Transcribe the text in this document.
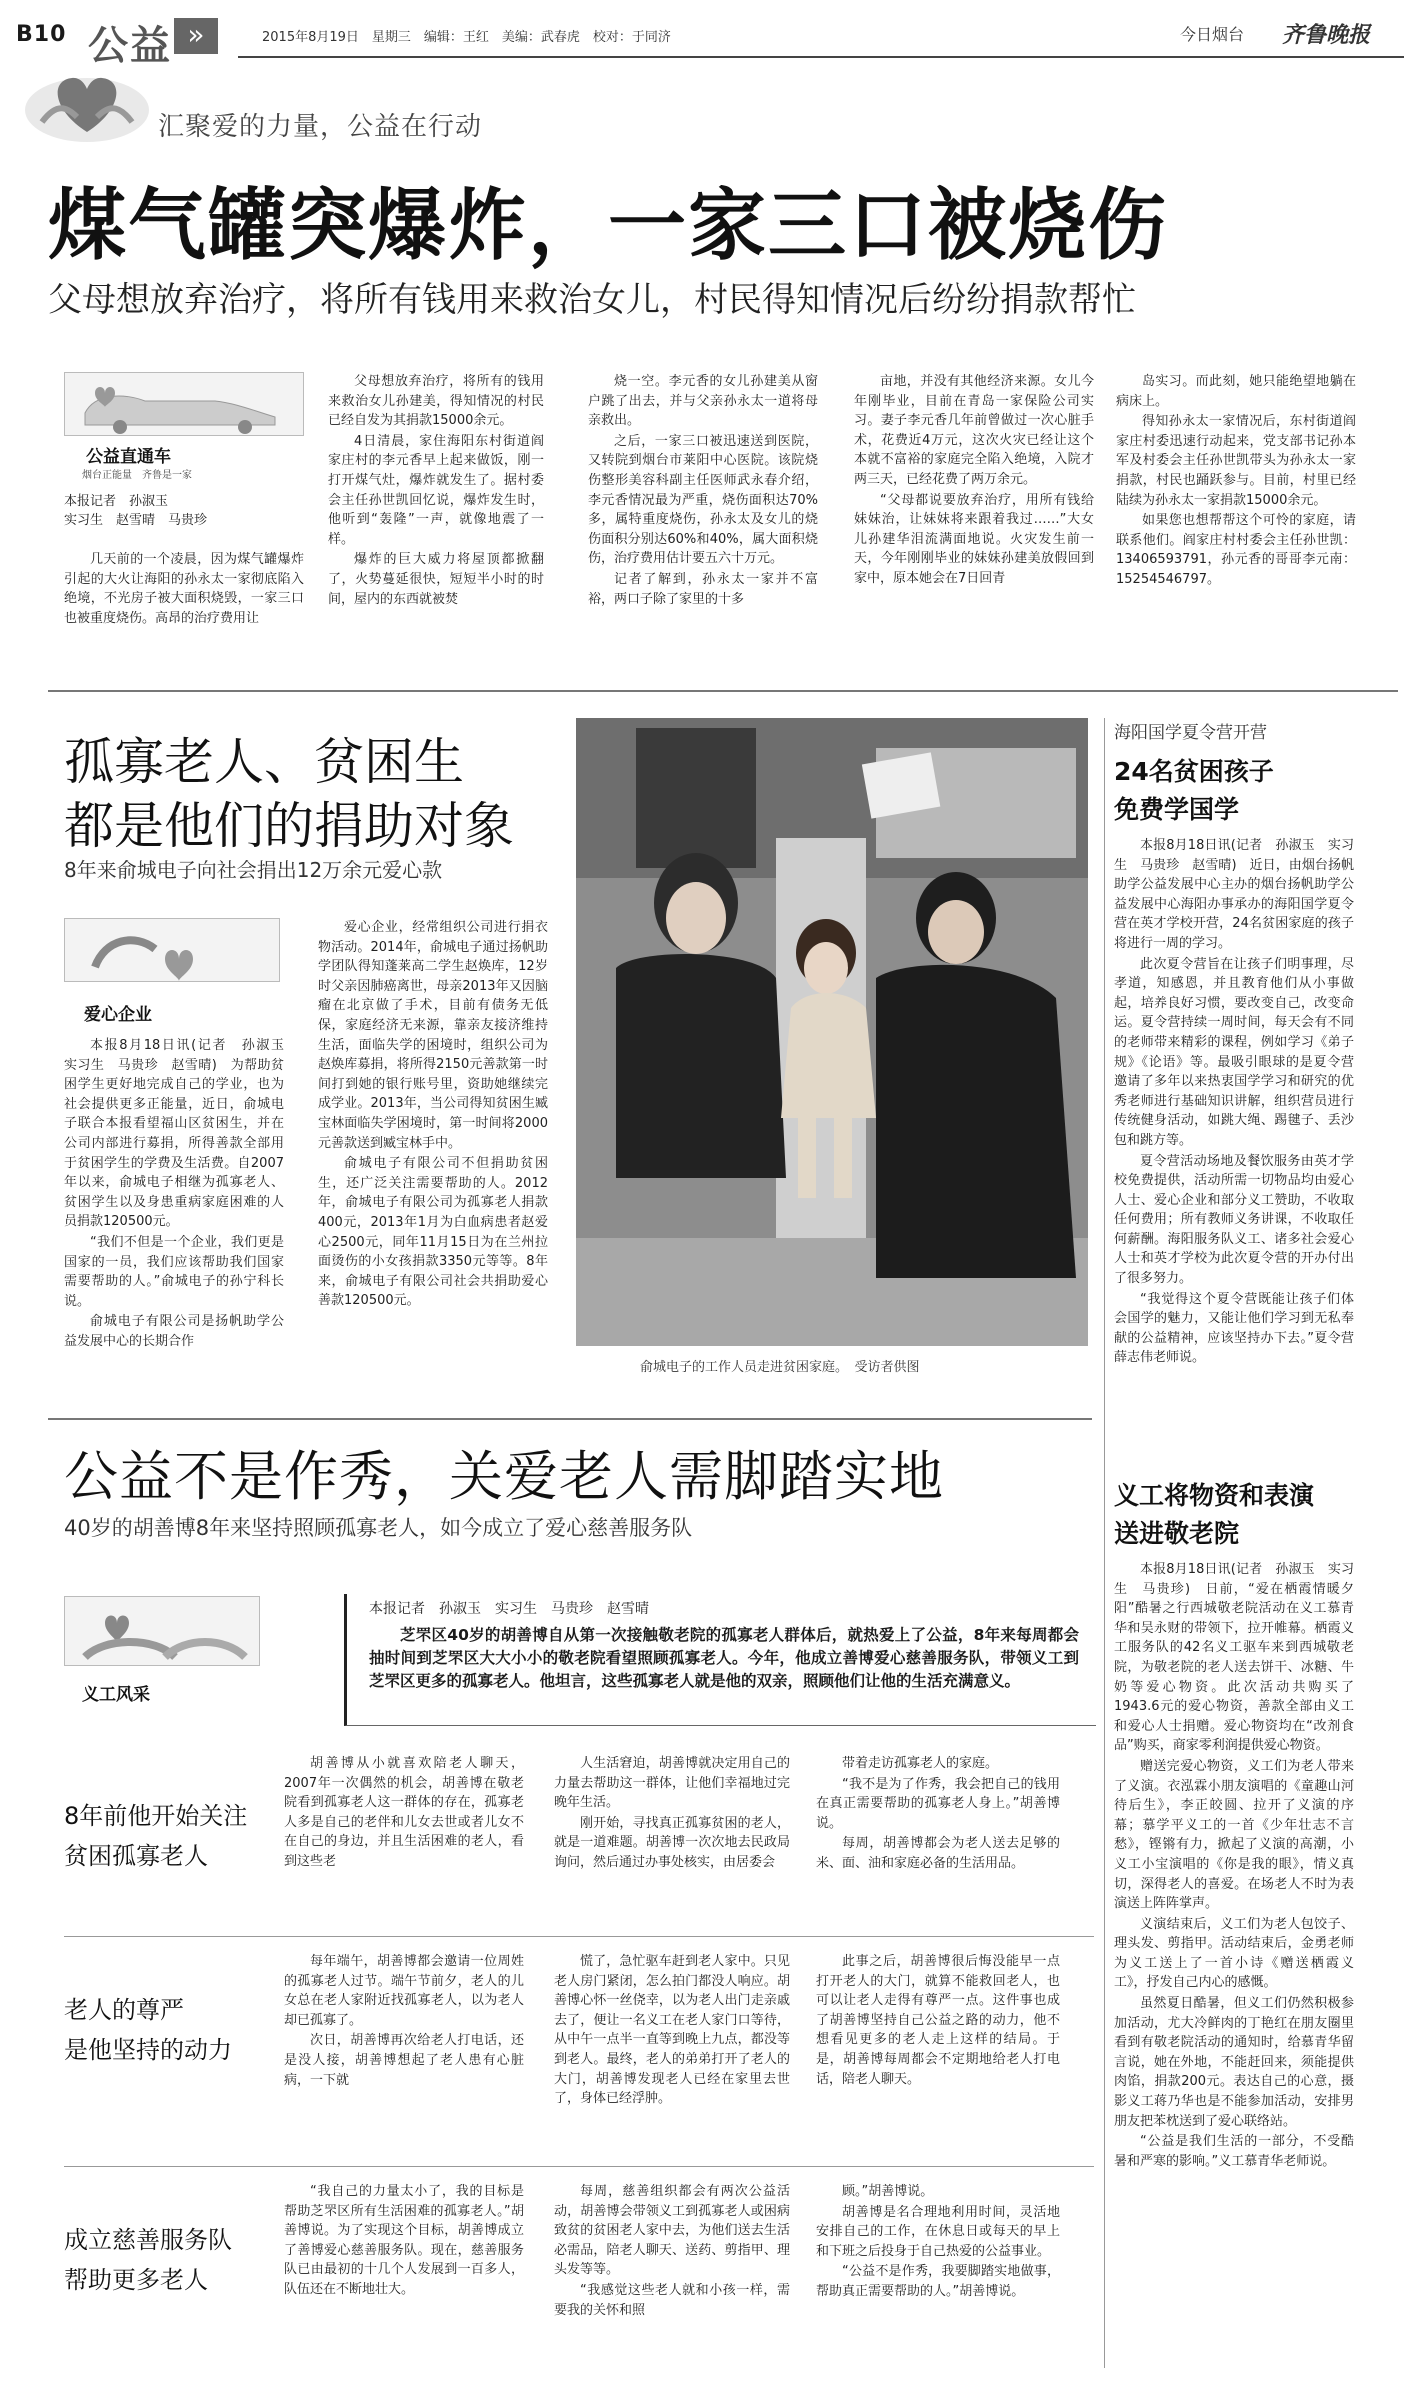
B10 公益 »	2015年8月19日　星期三　编辑：王红　美编：武春虎　校对：于同济	今日烟台 齐鲁晚报
汇聚爱的力量，公益在行动
煤气罐突爆炸，一家三口被烧伤
父母想放弃治疗，将所有钱用来救治女儿，村民得知情况后纷纷捐款帮忙
公益直通车
烟台正能量　齐鲁是一家
本报记者　孙淑玉
实习生　赵雪晴　马贵珍

几天前的一个凌晨，因为煤气罐爆炸引起的大火让海阳的孙永太一家彻底陷入绝境，不光房子被大面积烧毁，一家三口也被重度烧伤。高昂的治疗费用让

父母想放弃治疗，将所有的钱用来救治女儿孙建美，得知情况的村民已经自发为其捐款15000余元。

4日清晨，家住海阳东村街道阎家庄村的李元香早上起来做饭，刚一打开煤气灶，爆炸就发生了。据村委会主任孙世凯回忆说，爆炸发生时，他听到“轰隆”一声，就像地震了一样。

爆炸的巨大威力将屋顶都掀翻了，火势蔓延很快，短短半小时的时间，屋内的东西就被焚

烧一空。李元香的女儿孙建美从窗户跳了出去，并与父亲孙永太一道将母亲救出。

之后，一家三口被迅速送到医院，又转院到烟台市莱阳中心医院。该院烧伤整形美容科副主任医师武永春介绍，李元香情况最为严重，烧伤面积达70%多，属特重度烧伤，孙永太及女儿的烧伤面积分别达60%和40%，属大面积烧伤，治疗费用估计要五六十万元。

记者了解到，孙永太一家并不富裕，两口子除了家里的十多

亩地，并没有其他经济来源。女儿今年刚毕业，目前在青岛一家保险公司实习。妻子李元香几年前曾做过一次心脏手术，花费近4万元，这次火灾已经让这个本就不富裕的家庭完全陷入绝境，入院才两三天，已经花费了两万余元。

“父母都说要放弃治疗，用所有钱给妹妹治，让妹妹将来跟着我过……”大女儿孙建华泪流满面地说。火灾发生前一天，今年刚刚毕业的妹妹孙建美放假回到家中，原本她会在7日回青

岛实习。而此刻，她只能绝望地躺在病床上。

得知孙永太一家情况后，东村街道阎家庄村委迅速行动起来，党支部书记孙本军及村委会主任孙世凯带头为孙永太一家捐款，村民也踊跃参与。目前，村里已经陆续为孙永太一家捐款15000余元。

如果您也想帮帮这个可怜的家庭，请联系他们。阎家庄村村委会主任孙世凯：13406593791，孙元香的哥哥李元南：15254546797。

孤寡老人、贫困生
都是他们的捐助对象
8年来俞城电子向社会捐出12万余元爱心款
爱心企业

本报8月18日讯(记者　孙淑玉　实习生　马贵珍　赵雪晴)　为帮助贫困学生更好地完成自己的学业，也为社会提供更多正能量，近日，俞城电子联合本报看望福山区贫困生，并在公司内部进行募捐，所得善款全部用于贫困学生的学费及生活费。自2007年以来，俞城电子相继为孤寡老人、贫困学生以及身患重病家庭困难的人员捐款120500元。

“我们不但是一个企业，我们更是国家的一员，我们应该帮助我们国家需要帮助的人。”俞城电子的孙宁科长说。

俞城电子有限公司是扬帆助学公益发展中心的长期合作

爱心企业，经常组织公司进行捐衣物活动。2014年，俞城电子通过扬帆助学团队得知蓬莱高二学生赵焕库，12岁时父亲因肺癌离世，母亲2013年又因脑瘤在北京做了手术，目前有债务无低保，家庭经济无来源，靠亲友接济维持生活，面临失学的困境时，组织公司为赵焕库募捐，将所得2150元善款第一时间打到她的银行账号里，资助她继续完成学业。2013年，当公司得知贫困生臧宝林面临失学困境时，第一时间将2000元善款送到臧宝林手中。

俞城电子有限公司不但捐助贫困生，还广泛关注需要帮助的人。2012年，俞城电子有限公司为孤寡老人捐款400元，2013年1月为白血病患者赵爱心2500元，同年11月15日为在兰州拉面烫伤的小女孩捐款3350元等等。8年来，俞城电子有限公司社会共捐助爱心善款120500元。

俞城电子的工作人员走进贫困家庭。　受访者供图
海阳国学夏令营开营
24名贫困孩子
免费学国学

本报8月18日讯(记者　孙淑玉　实习生　马贵珍　赵雪晴)　近日，由烟台扬帆助学公益发展中心主办的烟台扬帆助学公益发展中心海阳办事承办的海阳国学夏令营在英才学校开营，24名贫困家庭的孩子将进行一周的学习。

此次夏令营旨在让孩子们明事理，尽孝道，知感恩，并且教育他们从小事做起，培养良好习惯，要改变自己，改变命运。夏令营持续一周时间，每天会有不同的老师带来精彩的课程，例如学习《弟子规》《论语》等。最吸引眼球的是夏令营邀请了多年以来热衷国学学习和研究的优秀老师进行基础知识讲解，组织营员进行传统健身活动，如跳大绳、踢毽子、丢沙包和跳方等。

夏令营活动场地及餐饮服务由英才学校免费提供，活动所需一切物品均由爱心人士、爱心企业和部分义工赞助，不收取任何费用；所有教师义务讲课，不收取任何薪酬。海阳服务队义工、诸多社会爱心人士和英才学校为此次夏令营的开办付出了很多努力。

“我觉得这个夏令营既能让孩子们体会国学的魅力，又能让他们学习到无私奉献的公益精神，应该坚持办下去。”夏令营薛志伟老师说。

义工将物资和表演
送进敬老院

本报8月18日讯(记者　孙淑玉　实习生　马贵珍)　日前，“爱在栖霞情暖夕阳”酷暑之行西城敬老院活动在义工慕青华和吴永财的带领下，拉开帷幕。栖霞义工服务队的42名义工驱车来到西城敬老院，为敬老院的老人送去饼干、冰糖、牛奶等爱心物资。此次活动共购买了1943.6元的爱心物资，善款全部由义工和爱心人士捐赠。爱心物资均在“改剂食品”购买，商家零利润提供爱心物资。

赠送完爱心物资，义工们为老人带来了义演。衣泓霖小朋友演唱的《童趣山河待后生》，李正皎圆、拉开了义演的序幕；慕学平义工的一首《少年壮志不言愁》，铿锵有力，掀起了义演的高潮，小义工小宝演唱的《你是我的眼》，情义真切，深得老人的喜爱。在场老人不时为表演送上阵阵掌声。

义演结束后，义工们为老人包饺子、理头发、剪指甲。活动结束后，金勇老师为义工送上了一首小诗《赠送栖霞义工》，抒发自己内心的感慨。

虽然夏日酷暑，但义工们仍然积极参加活动，尤大冷鲜肉的丁艳红在朋友圈里看到有敬老院活动的通知时，给慕青华留言说，她在外地，不能赶回来，须能提供肉馅，捐款200元。表达自己的心意，摄影义工蒋乃华也是不能参加活动，安排男朋友把苯枕送到了爱心联络站。

“公益是我们生活的一部分，不受酷暑和严寒的影响。”义工慕青华老师说。

公益不是作秀，关爱老人需脚踏实地
40岁的胡善博8年来坚持照顾孤寡老人，如今成立了爱心慈善服务队
义工风采
本报记者　孙淑玉　实习生　马贵珍　赵雪晴
芝罘区40岁的胡善博自从第一次接触敬老院的孤寡老人群体后，就热爱上了公益，8年来每周都会抽时间到芝罘区大大小小的敬老院看望照顾孤寡老人。今年，他成立善博爱心慈善服务队，带领义工到芝罘区更多的孤寡老人。他坦言，这些孤寡老人就是他的双亲，照顾他们让他的生活充满意义。
8年前他开始关注
贫困孤寡老人
老人的尊严
是他坚持的动力
成立慈善服务队
帮助更多老人

胡善博从小就喜欢陪老人聊天，2007年一次偶然的机会，胡善博在敬老院看到孤寡老人这一群体的存在，孤寡老人多是自己的老伴和儿女去世或者儿女不在自己的身边，并且生活困难的老人，看到这些老

人生活窘迫，胡善博就决定用自己的力量去帮助这一群体，让他们幸福地过完晚年生活。

刚开始，寻找真正孤寡贫困的老人，就是一道难题。胡善博一次次地去民政局询问，然后通过办事处核实，由居委会

带着走访孤寡老人的家庭。

“我不是为了作秀，我会把自己的钱用在真正需要帮助的孤寡老人身上。”胡善博说。

每周，胡善博都会为老人送去足够的米、面、油和家庭必备的生活用品。

每年端午，胡善博都会邀请一位周姓的孤寡老人过节。端午节前夕，老人的儿女总在老人家附近找孤寡老人，以为老人却已孤寡了。

次日，胡善博再次给老人打电话，还是没人接，胡善博想起了老人患有心脏病，一下就

慌了，急忙驱车赶到老人家中。只见老人房门紧闭，怎么拍门都没人响应。胡善博心怀一丝侥幸，以为老人出门走亲戚去了，便让一名义工在老人家门口等待，从中午一点半一直等到晚上九点，都没等到老人。最终，老人的弟弟打开了老人的大门，胡善博发现老人已经在家里去世了，身体已经浮肿。

此事之后，胡善博很后悔没能早一点打开老人的大门，就算不能救回老人，也可以让老人走得有尊严一点。这件事也成了胡善博坚持自己公益之路的动力，他不想看见更多的老人走上这样的结局。于是，胡善博每周都会不定期地给老人打电话，陪老人聊天。

“我自己的力量太小了，我的目标是帮助芝罘区所有生活困难的孤寡老人。”胡善博说。为了实现这个目标，胡善博成立了善博爱心慈善服务队。现在，慈善服务队已由最初的十几个人发展到一百多人，队伍还在不断地壮大。

每周，慈善组织都会有两次公益活动，胡善博会带领义工到孤寡老人或困病致贫的贫困老人家中去，为他们送去生活必需品，陪老人聊天、送药、剪指甲、理头发等等。

“我感觉这些老人就和小孩一样，需要我的关怀和照

顾。”胡善博说。

胡善博是名合理地利用时间，灵活地安排自己的工作，在休息日或每天的早上和下班之后投身于自己热爱的公益事业。

“公益不是作秀，我要脚踏实地做事，帮助真正需要帮助的人。”胡善博说。
